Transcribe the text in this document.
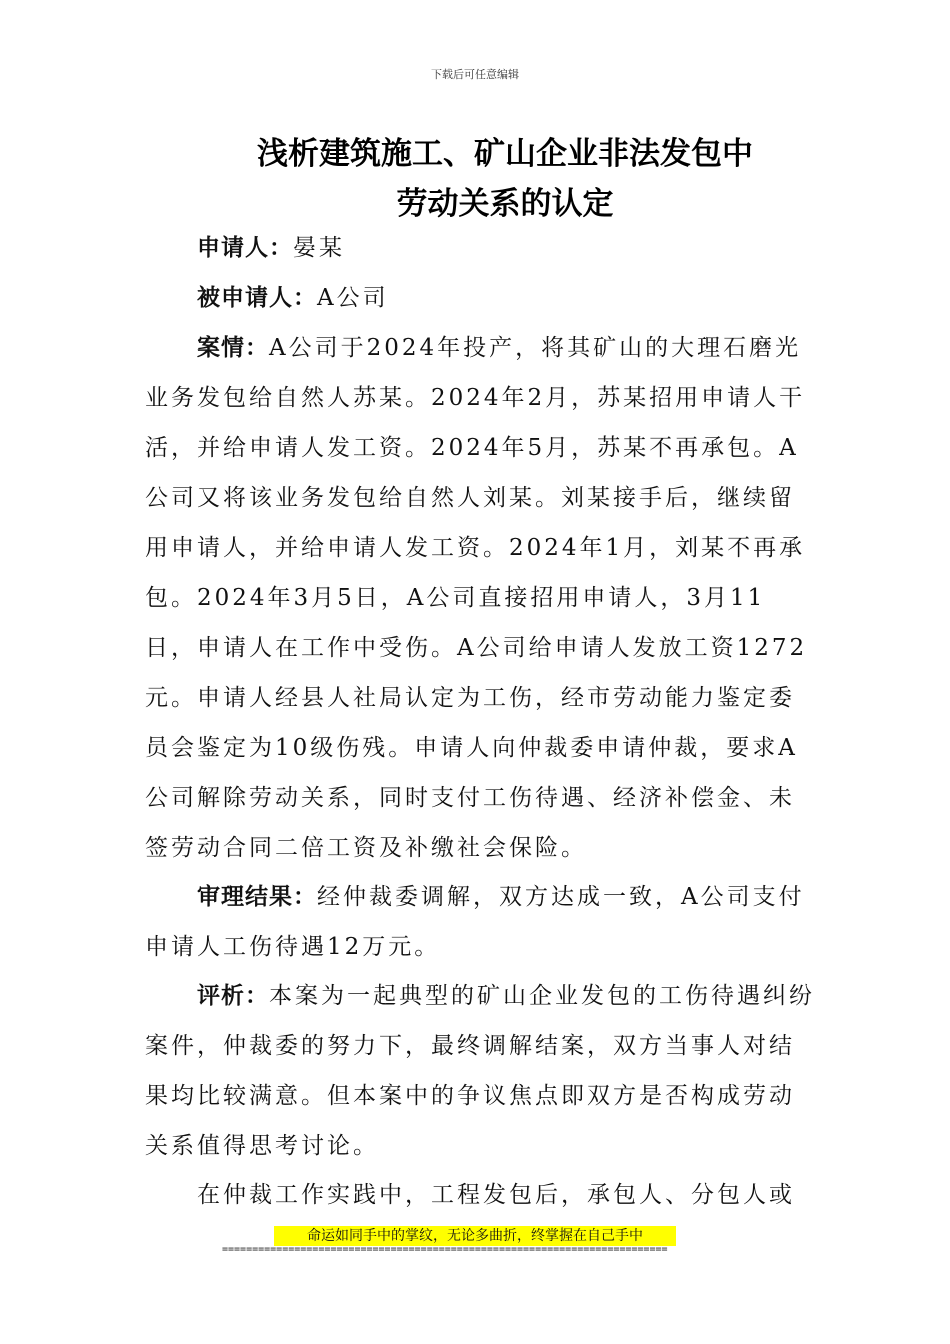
下载后可任意编辑
浅析建筑施工、矿山企业非法发包中
劳动关系的认定
申请人：晏某
被申请人：A公司
案情：A公司于2024年投产，将其矿山的大理石磨光业务发包给自然人苏某。2024年2月，苏某招用申请人干活，并给申请人发工资。2024年5月，苏某不再承包。A公司又将该业务发包给自然人刘某。刘某接手后，继续留用申请人，并给申请人发工资。2024年1月，刘某不再承包。2024年3月5日，A公司直接招用申请人，3月11日，申请人在工作中受伤。A公司给申请人发放工资1272元。申请人经县人社局认定为工伤，经市劳动能力鉴定委员会鉴定为10级伤残。申请人向仲裁委申请仲裁，要求A公司解除劳动关系，同时支付工伤待遇、经济补偿金、未签劳动合同二倍工资及补缴社会保险。
审理结果：经仲裁委调解，双方达成一致，A公司支付申请人工伤待遇12万元。
评析：本案为一起典型的矿山企业发包的工伤待遇纠纷案件，仲裁委的努力下，最终调解结案，双方当事人对结果均比较满意。但本案中的争议焦点即双方是否构成劳动关系值得思考讨论。
在仲裁工作实践中，工程发包后，承包人、分包人或
命运如同手中的掌纹，无论多曲折，终掌握在自己手中
==========================================================================
